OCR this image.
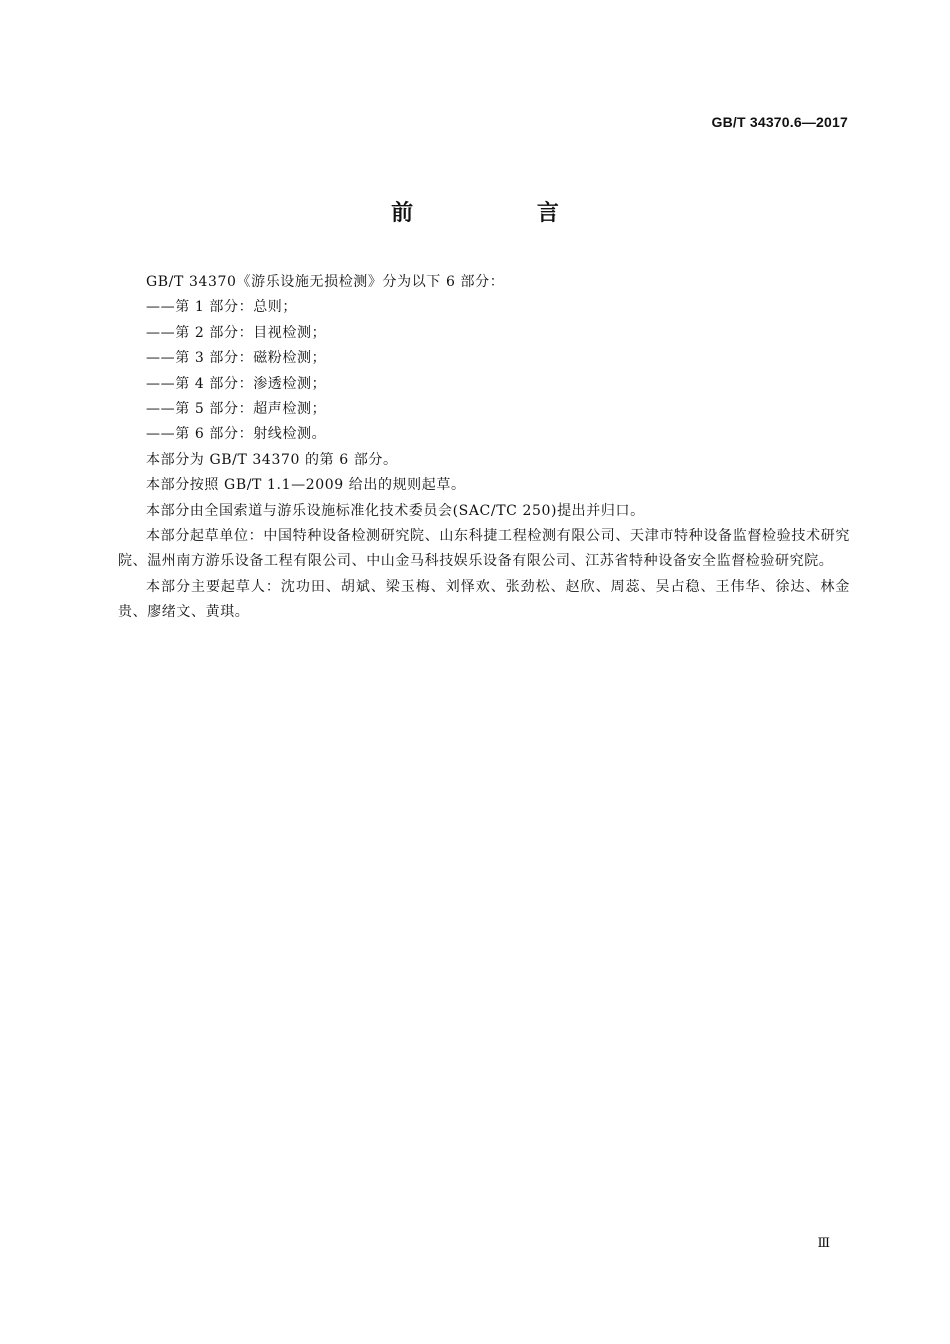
GB/T 34370.6—2017
前 言

GB/T 34370《游乐设施无损检测》分为以下 6 部分：

——第 1 部分：总则；

——第 2 部分：目视检测；

——第 3 部分：磁粉检测；

——第 4 部分：渗透检测；

——第 5 部分：超声检测；

——第 6 部分：射线检测。

本部分为 GB/T 34370 的第 6 部分。

本部分按照 GB/T 1.1—2009 给出的规则起草。

本部分由全国索道与游乐设施标准化技术委员会(SAC/TC 250)提出并归口。

本部分起草单位：中国特种设备检测研究院、山东科捷工程检测有限公司、天津市特种设备监督检验技术研究院、温州南方游乐设备工程有限公司、中山金马科技娱乐设备有限公司、江苏省特种设备安全监督检验研究院。

本部分主要起草人：沈功田、胡斌、梁玉梅、刘怿欢、张劲松、赵欣、周蕊、吴占稳、王伟华、徐达、林金贵、廖绪文、黄琪。

Ⅲ
